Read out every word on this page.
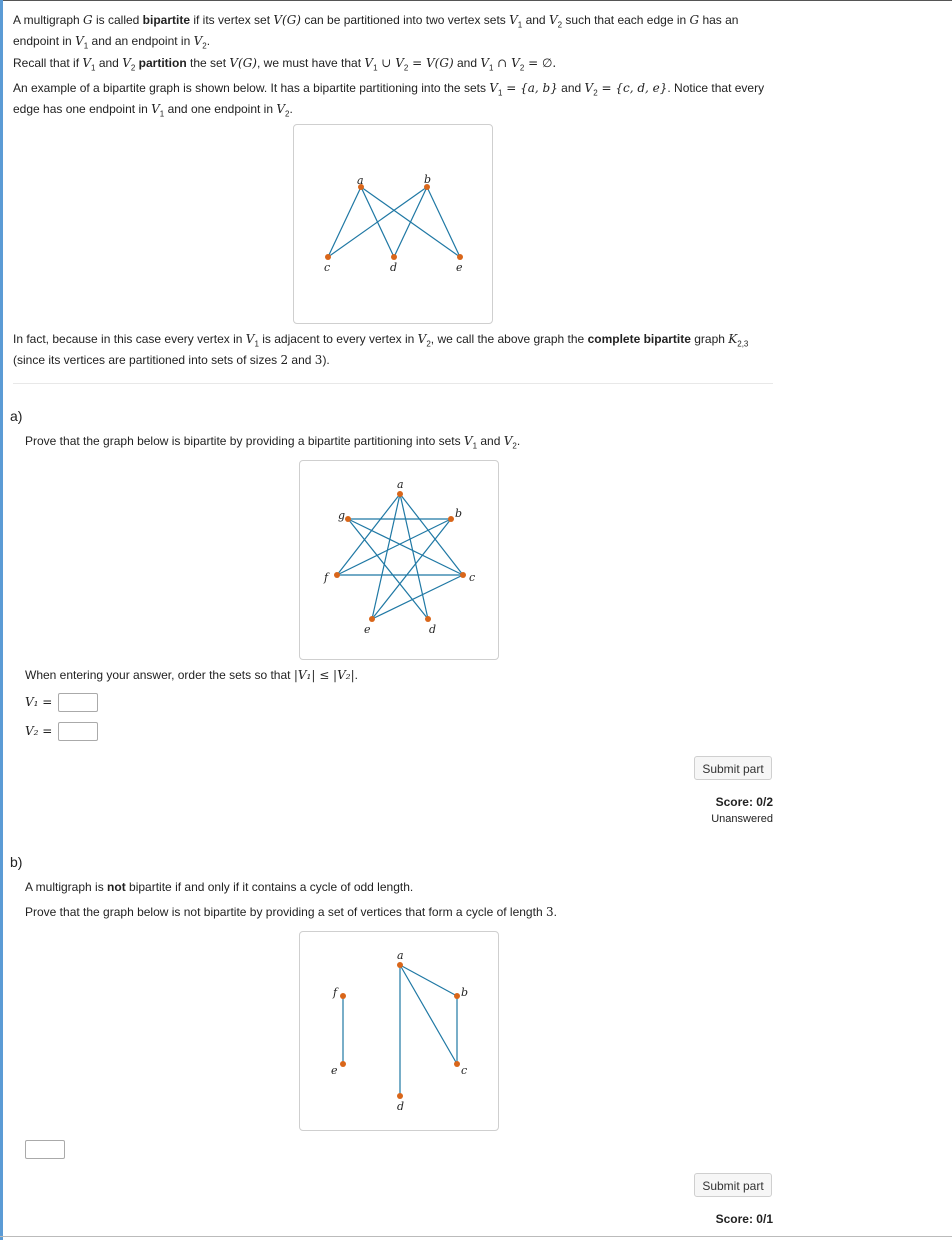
A multigraph G is called bipartite if its vertex set V(G) can be partitioned into two vertex sets $V_1$ and $V_2$ such that each edge in G has an endpoint in $V_1$ and an endpoint in $V_2$.

Recall that if $V_1$ and $V_2$ partition the set V(G), we must have that $V_1$ ∪ $V_2 = V(G)$ and $V_1$ ∩ $V_2$ = ∅.

An example of a bipartite graph is shown below. It has a bipartite partitioning into the sets $V_1 = \{a$, b} and $V_2 = \{c$, d, e}. Notice that every edge has one endpoint in $V_1$ and one endpoint in $V_2$.

a	b
c	d	e

In fact, because in this case every vertex in $V_1$ is adjacent to every vertex in $V_2$, we call the above graph the complete bipartite graph $K_{2,3}$ (since its vertices are partitioned into sets of sizes 2 and 3).

a)

Prove that the graph below is bipartite by providing a bipartite partitioning into sets $V_1$ and $V_2$.

a
b
c
d
e
f
g

When entering your answer, order the sets so that |V₁| ≤ |V₂|.

V₁ =
V₂ =
Submit part
Score: 0/2
Unanswered
b)

A multigraph is not bipartite if and only if it contains a cycle of odd length.

Prove that the graph below is not bipartite by providing a set of vertices that form a cycle of length 3.

a
b
c
d
e
f
Submit part
Score: 0/1
